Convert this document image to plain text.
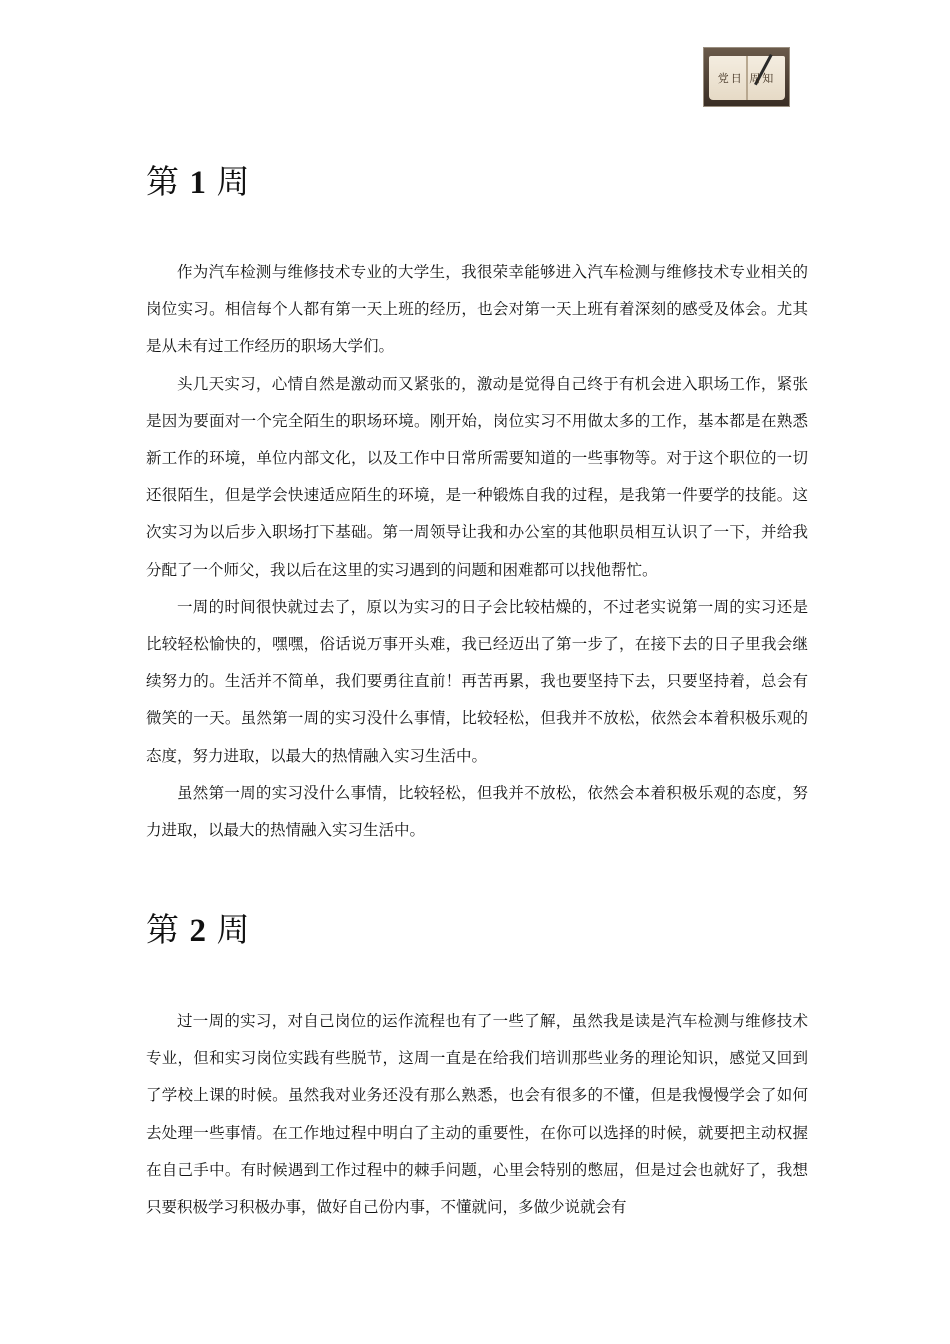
党日 周知
第 1 周

作为汽车检测与维修技术专业的大学生，我很荣幸能够进入汽车检测与维修技术专业相关的岗位实习。相信每个人都有第一天上班的经历，也会对第一天上班有着深刻的感受及体会。尤其是从未有过工作经历的职场大学们。

头几天实习，心情自然是激动而又紧张的，激动是觉得自己终于有机会进入职场工作，紧张是因为要面对一个完全陌生的职场环境。刚开始，岗位实习不用做太多的工作，基本都是在熟悉新工作的环境，单位内部文化，以及工作中日常所需要知道的一些事物等。对于这个职位的一切还很陌生，但是学会快速适应陌生的环境，是一种锻炼自我的过程，是我第一件要学的技能。这次实习为以后步入职场打下基础。第一周领导让我和办公室的其他职员相互认识了一下，并给我分配了一个师父，我以后在这里的实习遇到的问题和困难都可以找他帮忙。

一周的时间很快就过去了，原以为实习的日子会比较枯燥的，不过老实说第一周的实习还是比较轻松愉快的，嘿嘿，俗话说万事开头难，我已经迈出了第一步了，在接下去的日子里我会继续努力的。生活并不简单，我们要勇往直前！再苦再累，我也要坚持下去，只要坚持着，总会有微笑的一天。虽然第一周的实习没什么事情，比较轻松，但我并不放松，依然会本着积极乐观的态度，努力进取，以最大的热情融入实习生活中。

虽然第一周的实习没什么事情，比较轻松，但我并不放松，依然会本着积极乐观的态度，努力进取，以最大的热情融入实习生活中。

第 2 周

过一周的实习，对自己岗位的运作流程也有了一些了解，虽然我是读是汽车检测与维修技术专业，但和实习岗位实践有些脱节，这周一直是在给我们培训那些业务的理论知识，感觉又回到了学校上课的时候。虽然我对业务还没有那么熟悉，也会有很多的不懂，但是我慢慢学会了如何去处理一些事情。在工作地过程中明白了主动的重要性，在你可以选择的时候，就要把主动权握在自己手中。有时候遇到工作过程中的棘手问题，心里会特别的憋屈，但是过会也就好了，我想只要积极学习积极办事，做好自己份内事，不懂就问，多做少说就会有
